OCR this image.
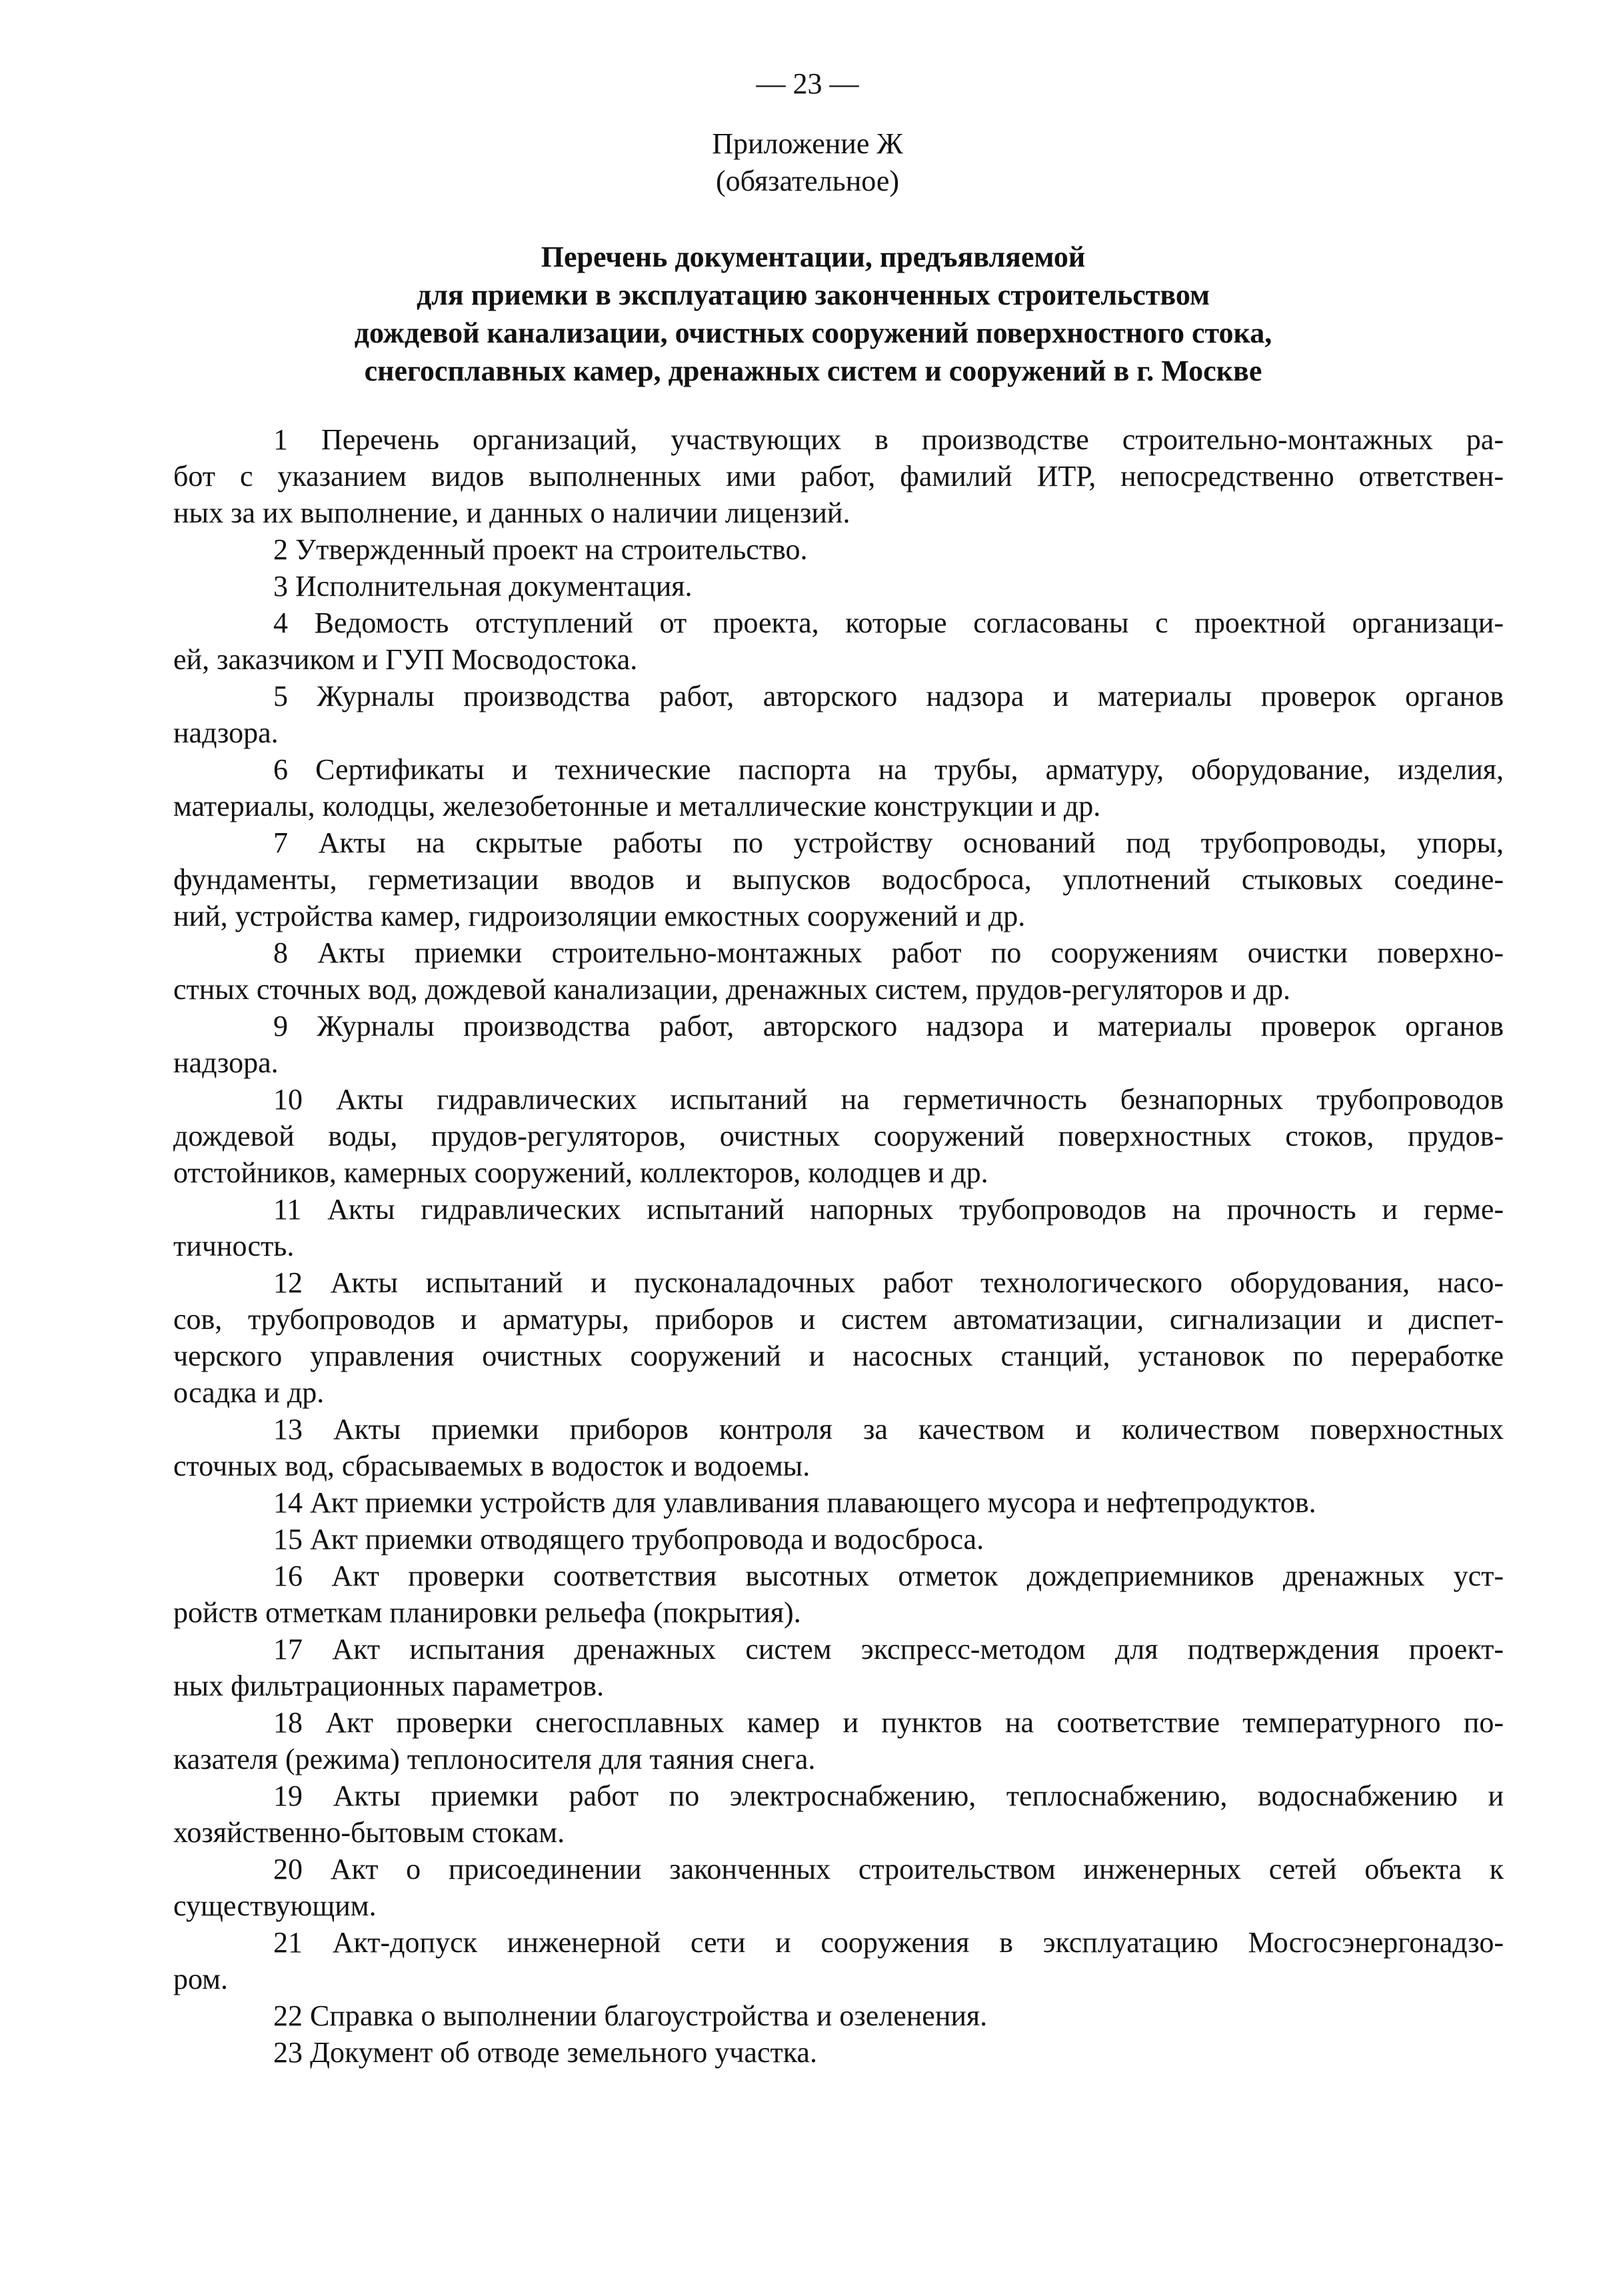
— 23 —
Приложение Ж
(обязательное)
Перечень документации, предъявляемой
для приемки в эксплуатацию законченных строительством
дождевой канализации, очистных сооружений поверхностного стока,
снегосплавных камер, дренажных систем и сооружений в г. Москве
1 Перечень организаций, участвующих в производстве строительно-монтажных ра-
бот с указанием видов выполненных ими работ, фамилий ИТР, непосредственно ответствен-
ных за их выполнение, и данных о наличии лицензий.
2 Утвержденный проект на строительство.
3 Исполнительная документация.
4 Ведомость отступлений от проекта, которые согласованы с проектной организаци-
ей, заказчиком и ГУП Мосводостока.
5 Журналы производства работ, авторского надзора и материалы проверок органов
надзора.
6 Сертификаты и технические паспорта на трубы, арматуру, оборудование, изделия,
материалы, колодцы, железобетонные и металлические конструкции и др.
7 Акты на скрытые работы по устройству оснований под трубопроводы, упоры,
фундаменты, герметизации вводов и выпусков водосброса, уплотнений стыковых соедине-
ний, устройства камер, гидроизоляции емкостных сооружений и др.
8 Акты приемки строительно-монтажных работ по сооружениям очистки поверхно-
стных сточных вод, дождевой канализации, дренажных систем, прудов-регуляторов и др.
9 Журналы производства работ, авторского надзора и материалы проверок органов
надзора.
10 Акты гидравлических испытаний на герметичность безнапорных трубопроводов
дождевой воды, прудов-регуляторов, очистных сооружений поверхностных стоков, прудов-
отстойников, камерных сооружений, коллекторов, колодцев и др.
11 Акты гидравлических испытаний напорных трубопроводов на прочность и герме-
тичность.
12 Акты испытаний и пусконаладочных работ технологического оборудования, насо-
сов, трубопроводов и арматуры, приборов и систем автоматизации, сигнализации и диспет-
черского управления очистных сооружений и насосных станций, установок по переработке
осадка и др.
13 Акты приемки приборов контроля за качеством и количеством поверхностных
сточных вод, сбрасываемых в водосток и водоемы.
14 Акт приемки устройств для улавливания плавающего мусора и нефтепродуктов.
15 Акт приемки отводящего трубопровода и водосброса.
16 Акт проверки соответствия высотных отметок дождеприемников дренажных уст-
ройств отметкам планировки рельефа (покрытия).
17 Акт испытания дренажных систем экспресс-методом для подтверждения проект-
ных фильтрационных параметров.
18 Акт проверки снегосплавных камер и пунктов на соответствие температурного по-
казателя (режима) теплоносителя для таяния снега.
19 Акты приемки работ по электроснабжению, теплоснабжению, водоснабжению и
хозяйственно-бытовым стокам.
20 Акт о присоединении законченных строительством инженерных сетей объекта к
существующим.
21 Акт-допуск инженерной сети и сооружения в эксплуатацию Мосгосэнергонадзо-
ром.
22 Справка о выполнении благоустройства и озеленения.
23 Документ об отводе земельного участка.
